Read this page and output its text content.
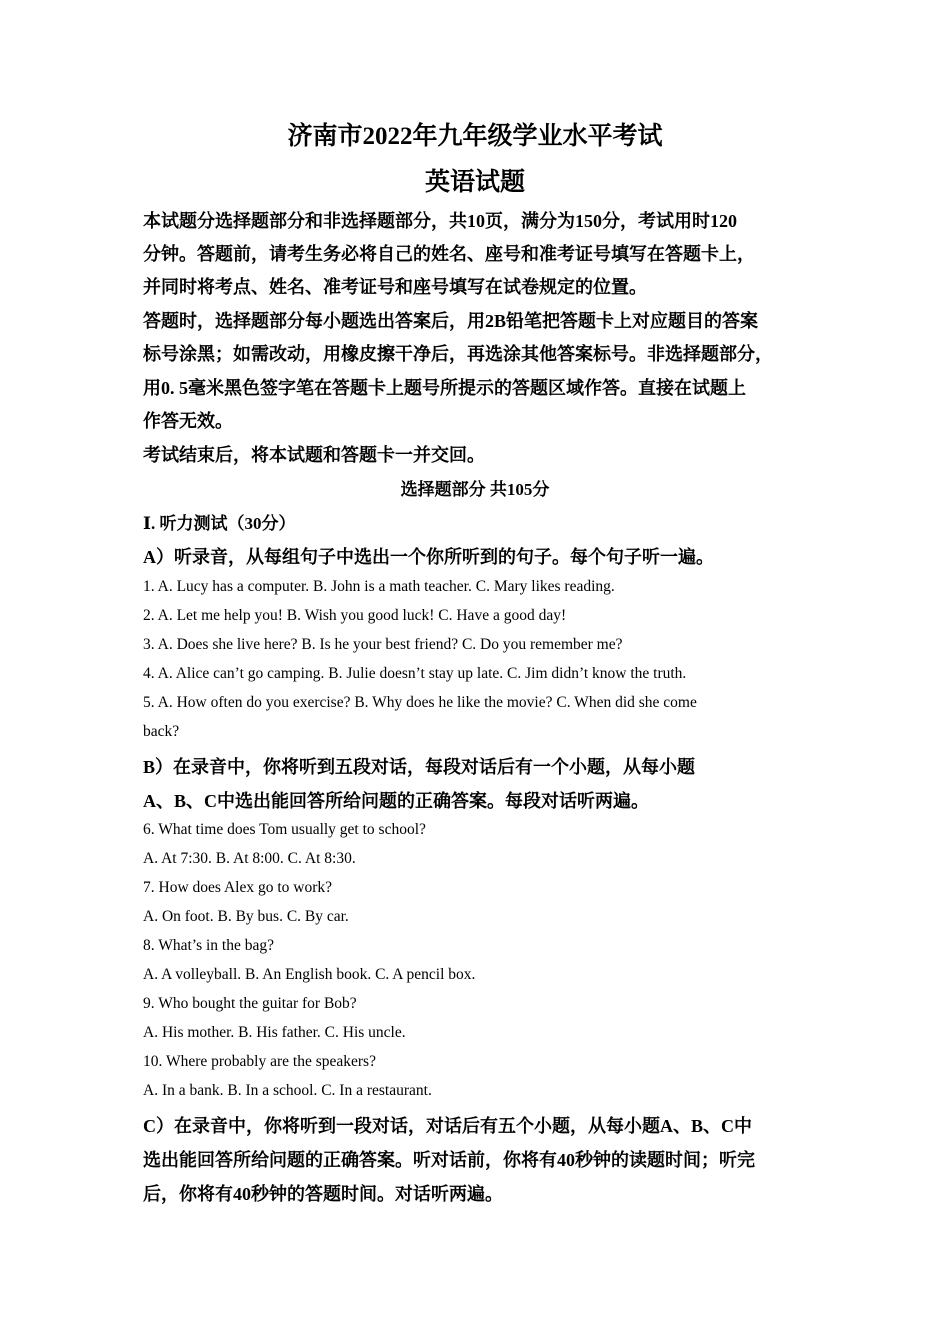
济南市2022年九年级学业水平考试
英语试题
本试题分选择题部分和非选择题部分，共10页，满分为150分，考试用时120
分钟。答题前，请考生务必将自己的姓名、座号和准考证号填写在答题卡上，
并同时将考点、姓名、准考证号和座号填写在试卷规定的位置。
答题时，选择题部分每小题选出答案后，用2B铅笔把答题卡上对应题目的答案
标号涂黑；如需改动，用橡皮擦干净后，再选涂其他答案标号。非选择题部分，
用0. 5毫米黑色签字笔在答题卡上题号所提示的答题区域作答。直接在试题上
作答无效。
考试结束后，将本试题和答题卡一并交回。
选择题部分 共105分
Ⅰ. 听力测试（30分）
A）听录音，从每组句子中选出一个你所听到的句子。每个句子听一遍。
1. A. Lucy has a computer. B. John is a math teacher. C. Mary likes reading.
2. A. Let me help you! B. Wish you good luck! C. Have a good day!
3. A. Does she live here? B. Is he your best friend? C. Do you remember me?
4. A. Alice can’t go camping. B. Julie doesn’t stay up late. C. Jim didn’t know the truth.
5. A. How often do you exercise? B. Why does he like the movie? C. When did she come
back?
B）在录音中，你将听到五段对话，每段对话后有一个小题，从每小题
A、B、C中选出能回答所给问题的正确答案。每段对话听两遍。
6. What time does Tom usually get to school?
A. At 7:30. B. At 8:00. C. At 8:30.
7. How does Alex go to work?
A. On foot. B. By bus. C. By car.
8. What’s in the bag?
A. A volleyball. B. An English book. C. A pencil box.
9. Who bought the guitar for Bob?
A. His mother. B. His father. C. His uncle.
10. Where probably are the speakers?
A. In a bank. B. In a school. C. In a restaurant.
C）在录音中，你将听到一段对话，对话后有五个小题，从每小题A、B、C中
选出能回答所给问题的正确答案。听对话前，你将有40秒钟的读题时间；听完
后，你将有40秒钟的答题时间。对话听两遍。
